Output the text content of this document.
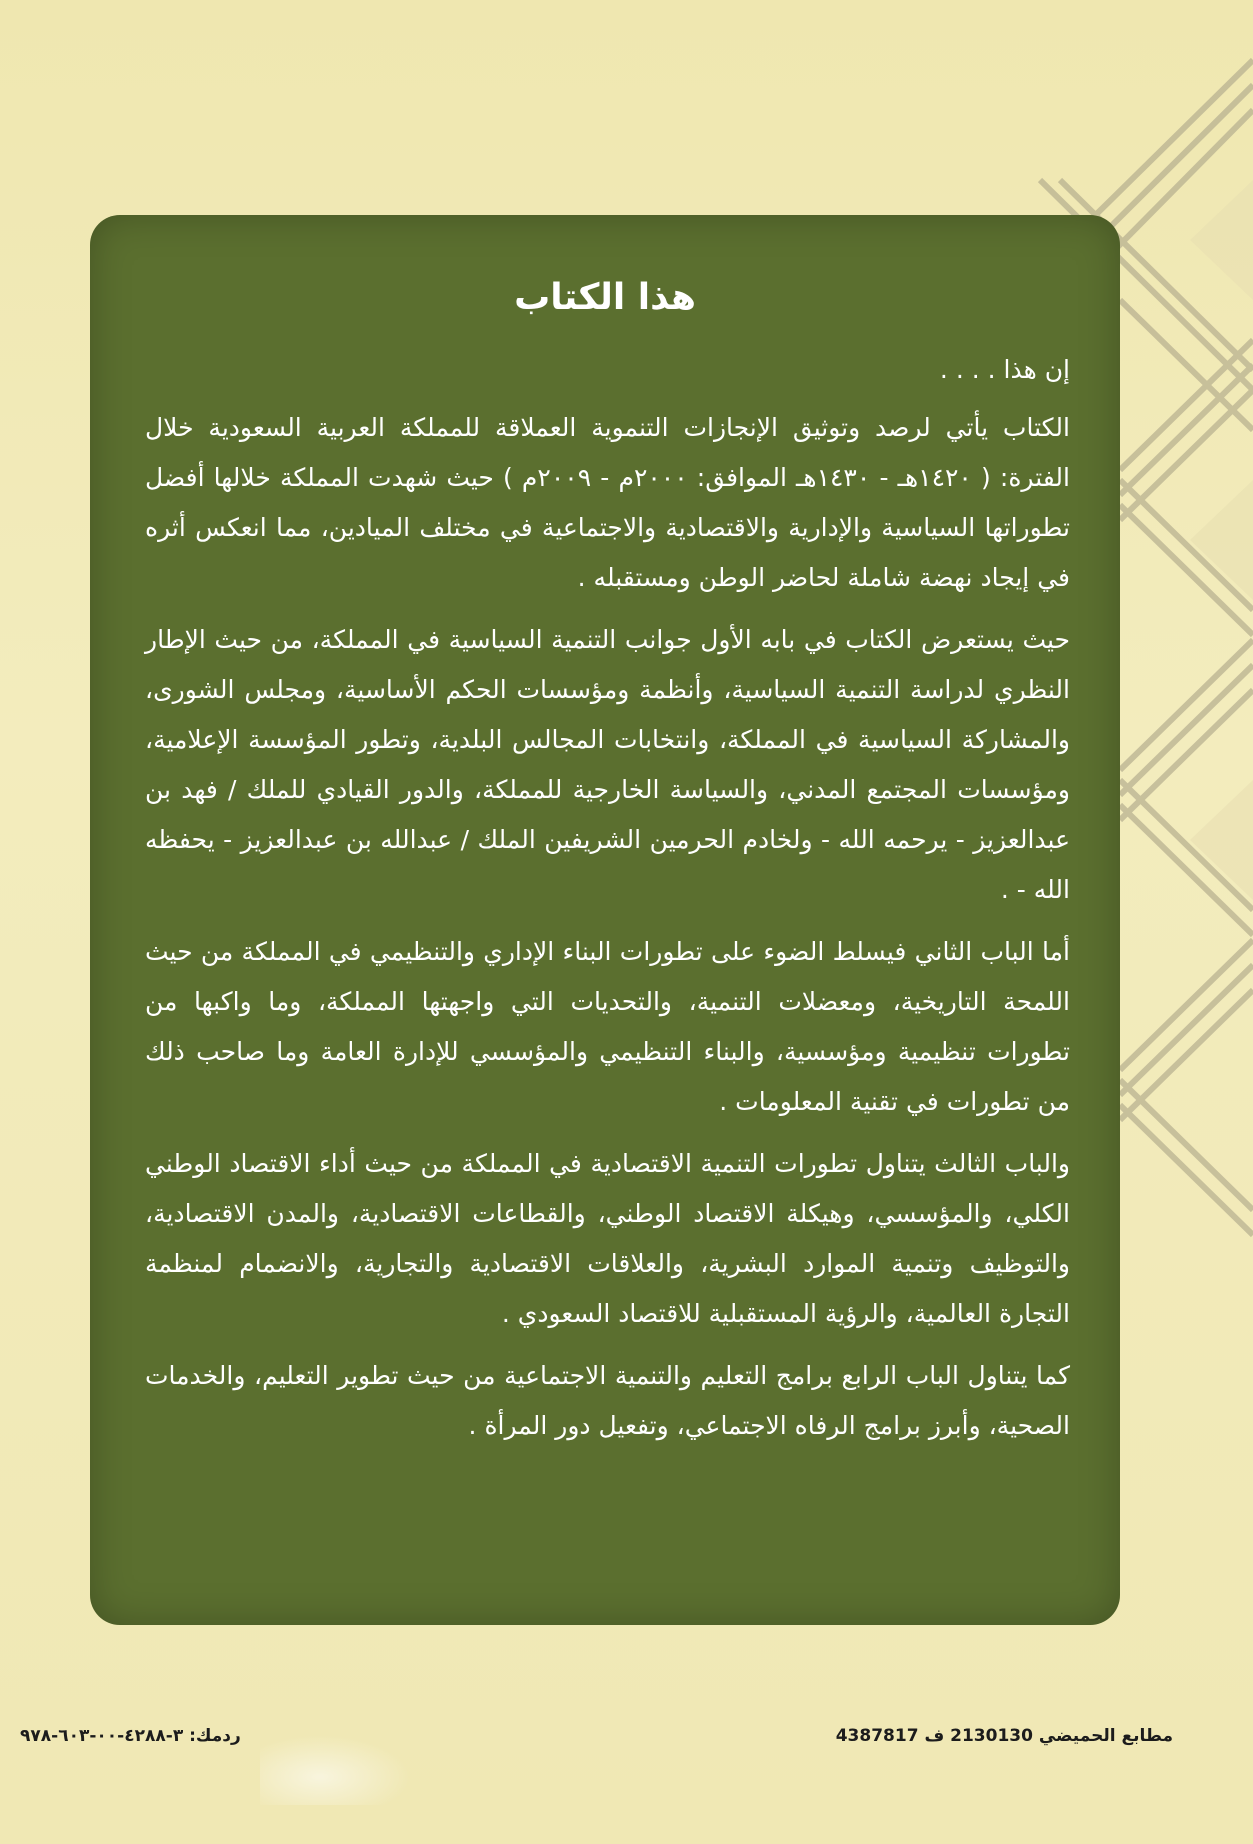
هذا الكتاب

إن هذا . . . .

الكتاب يأتي لرصد وتوثيق الإنجازات التنموية العملاقة للمملكة العربية السعودية خلال الفترة: ( ١٤٢٠هـ - ١٤٣٠هـ الموافق: ٢٠٠٠م - ٢٠٠٩م ) حيث شهدت المملكة خلالها أفضل تطوراتها السياسية والإدارية والاقتصادية والاجتماعية في مختلف الميادين، مما انعكس أثره في إيجاد نهضة شاملة لحاضر الوطن ومستقبله .

حيث يستعرض الكتاب في بابه الأول جوانب التنمية السياسية في المملكة، من حيث الإطار النظري لدراسة التنمية السياسية، وأنظمة ومؤسسات الحكم الأساسية، ومجلس الشورى، والمشاركة السياسية في المملكة، وانتخابات المجالس البلدية، وتطور المؤسسة الإعلامية، ومؤسسات المجتمع المدني، والسياسة الخارجية للمملكة، والدور القيادي للملك / فهد بن عبدالعزيز - يرحمه الله - ولخادم الحرمين الشريفين الملك / عبدالله بن عبدالعزيز - يحفظه الله - .

أما الباب الثاني فيسلط الضوء على تطورات البناء الإداري والتنظيمي في المملكة من حيث اللمحة التاريخية، ومعضلات التنمية، والتحديات التي واجهتها المملكة، وما واكبها من تطورات تنظيمية ومؤسسية، والبناء التنظيمي والمؤسسي للإدارة العامة وما صاحب ذلك من تطورات في تقنية المعلومات .

والباب الثالث يتناول تطورات التنمية الاقتصادية في المملكة من حيث أداء الاقتصاد الوطني الكلي، والمؤسسي، وهيكلة الاقتصاد الوطني، والقطاعات الاقتصادية، والمدن الاقتصادية، والتوظيف وتنمية الموارد البشرية، والعلاقات الاقتصادية والتجارية، والانضمام لمنظمة التجارة العالمية، والرؤية المستقبلية للاقتصاد السعودي .

كما يتناول الباب الرابع برامج التعليم والتنمية الاجتماعية من حيث تطوير التعليم، والخدمات الصحية، وأبرز برامج الرفاه الاجتماعي، وتفعيل دور المرأة .

ردمك: ٣-٤٢٨٨-٠٠-٦٠٣-٩٧٨	مطابع الحميضي 2130130 ف 4387817
